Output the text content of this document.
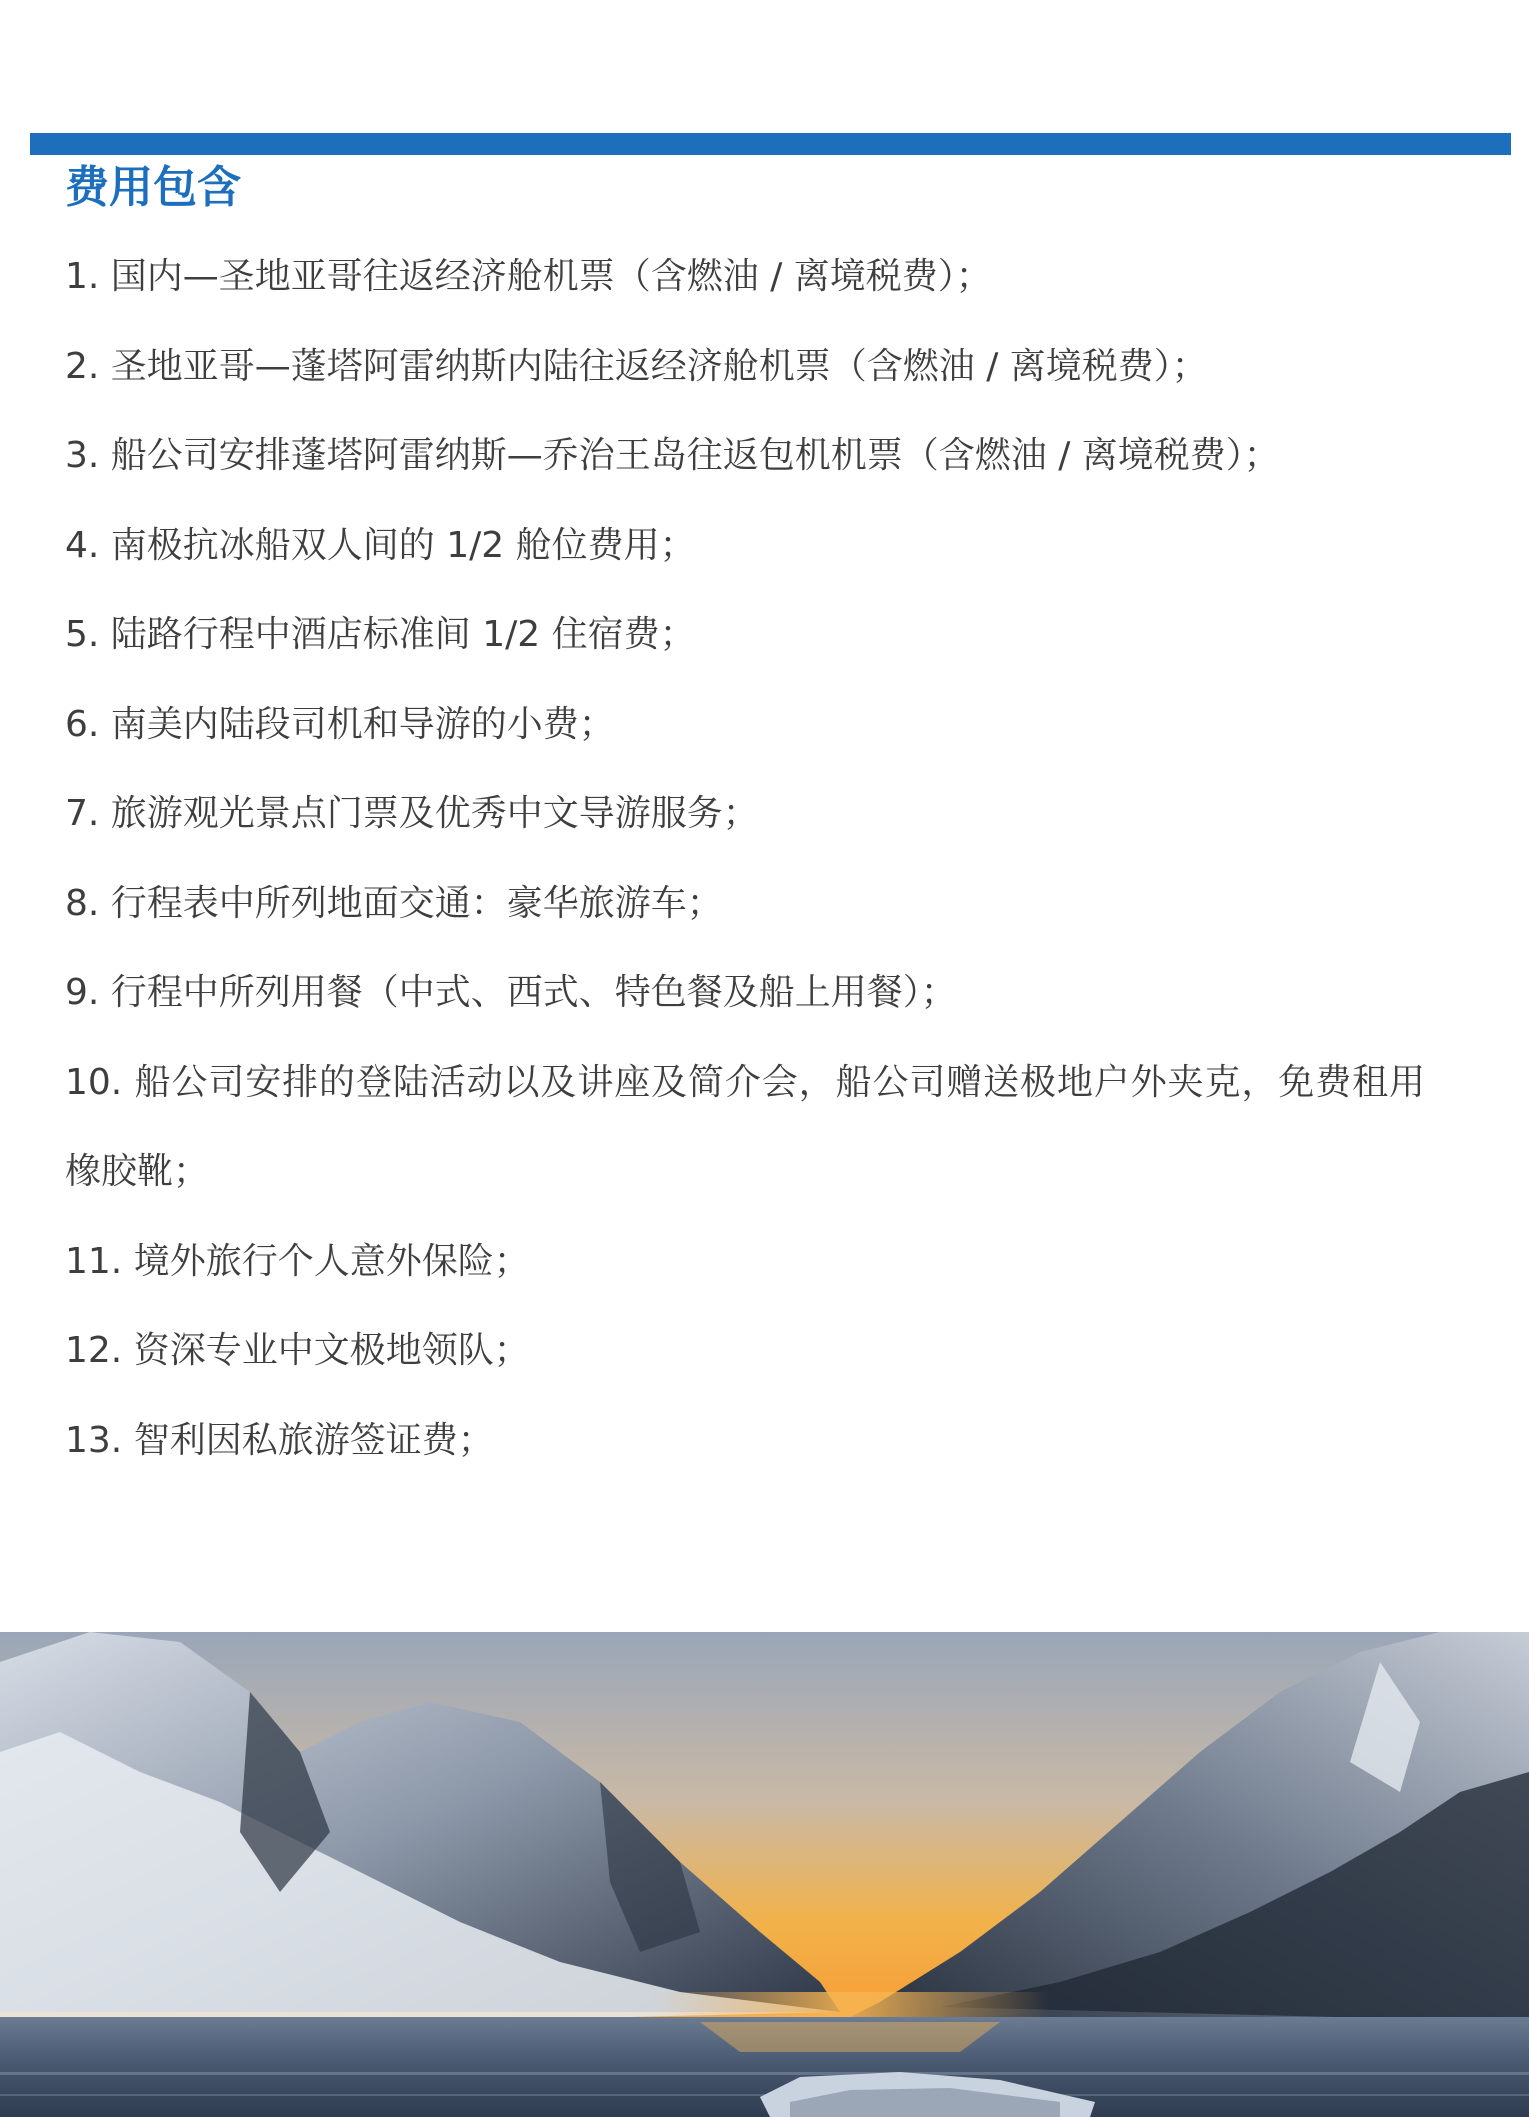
费用包含
1. 国内—圣地亚哥往返经济舱机票（含燃油 / 离境税费）；
2. 圣地亚哥—蓬塔阿雷纳斯内陆往返经济舱机票（含燃油 / 离境税费）；
3. 船公司安排蓬塔阿雷纳斯—乔治王岛往返包机机票（含燃油 / 离境税费）；
4. 南极抗冰船双人间的 1/2 舱位费用；
5. 陆路行程中酒店标准间 1/2 住宿费；
6. 南美内陆段司机和导游的小费；
7. 旅游观光景点门票及优秀中文导游服务；
8. 行程表中所列地面交通：豪华旅游车；
9. 行程中所列用餐（中式、西式、特色餐及船上用餐）；
10. 船公司安排的登陆活动以及讲座及简介会，船公司赠送极地户外夹克，免费租用橡胶靴；
11. 境外旅行个人意外保险；
12. 资深专业中文极地领队；
13. 智利因私旅游签证费；
